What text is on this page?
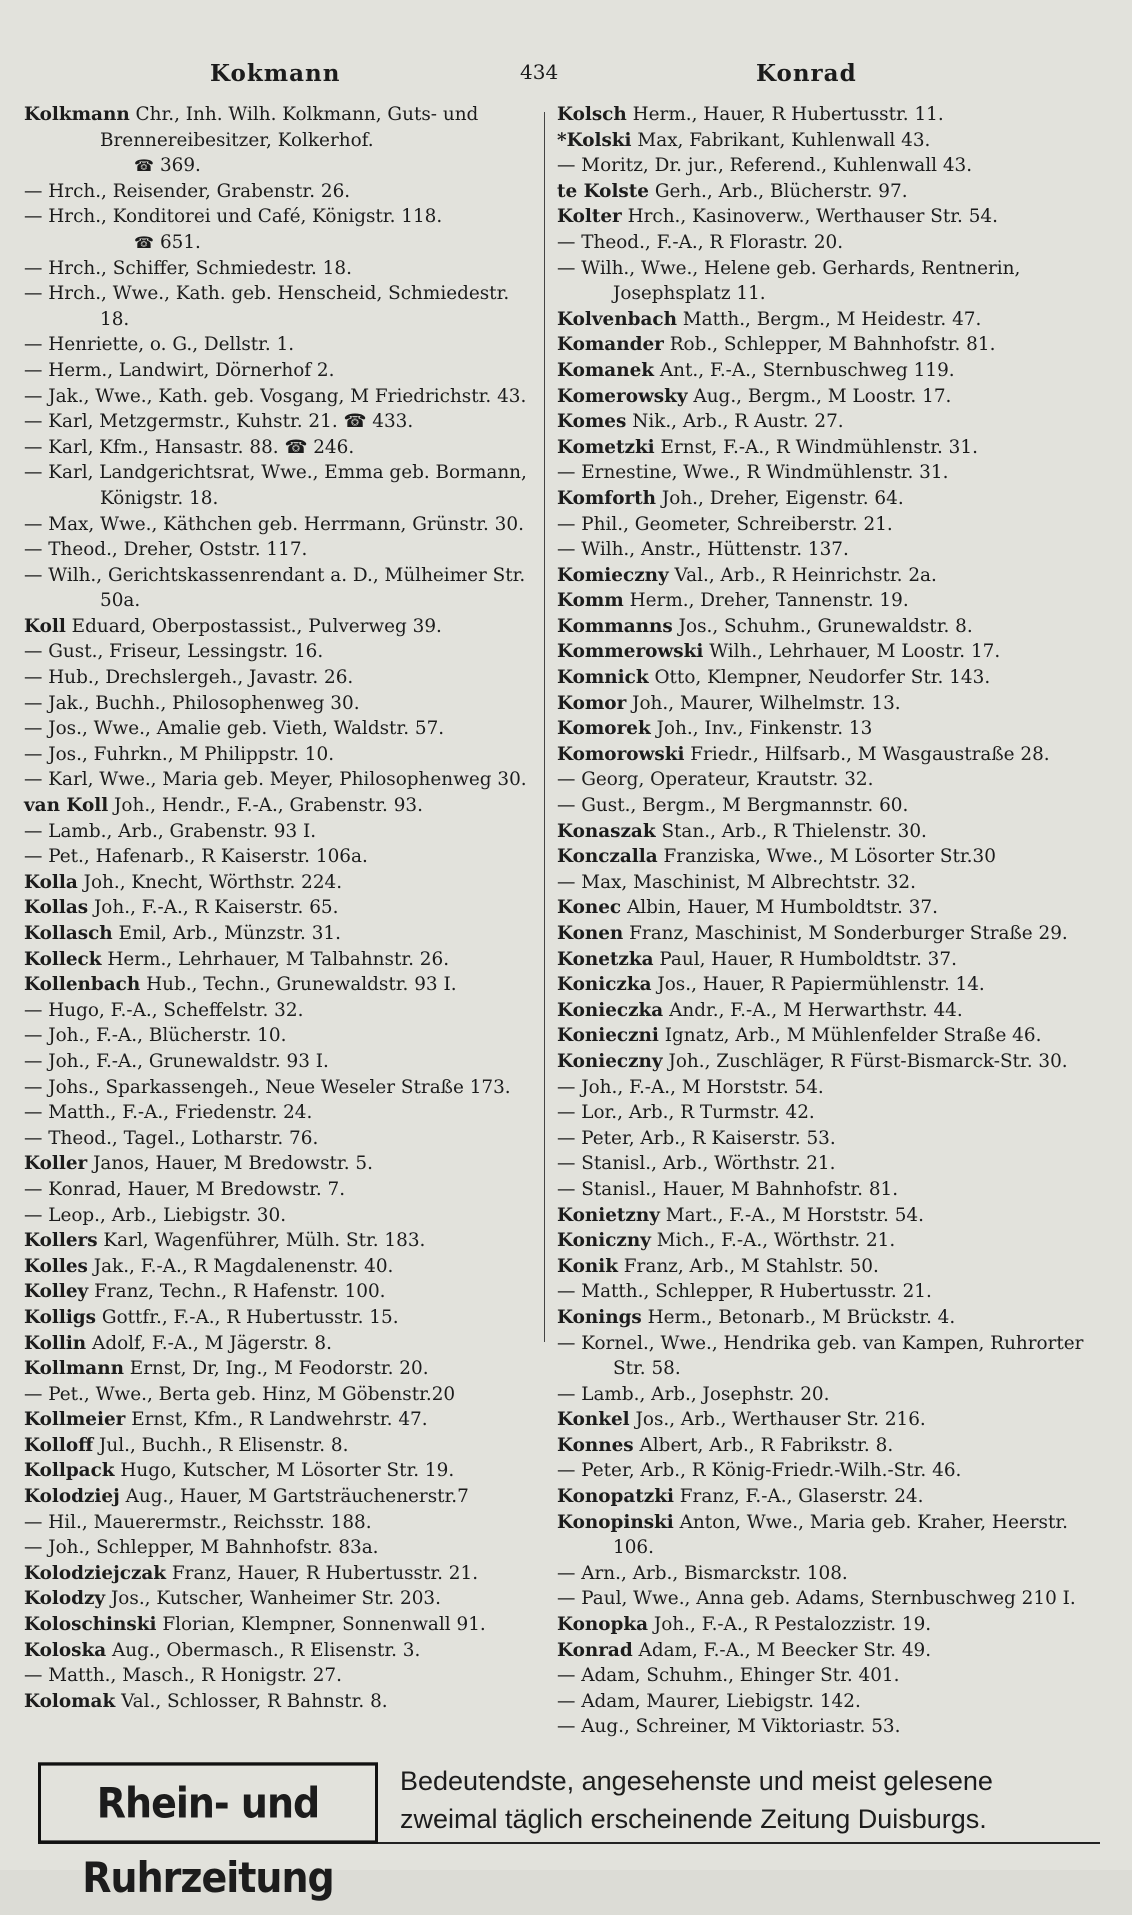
Kokmann	434	Konrad
Kolkmann Chr., Inh. Wilh. Kolkmann, Guts- und Brennereibesitzer, Kolkerhof.
☎ 369.
— Hrch., Reisender, Grabenstr. 26.
— Hrch., Konditorei und Café, Königstr. 118.
☎ 651.
— Hrch., Schiffer, Schmiedestr. 18.
— Hrch., Wwe., Kath. geb. Henscheid, Schmiedestr. 18.
— Henriette, o. G., Dellstr. 1.
— Herm., Landwirt, Dörnerhof 2.
— Jak., Wwe., Kath. geb. Vosgang, M Friedrichstr. 43.
— Karl, Metzgermstr., Kuhstr. 21. ☎ 433.
— Karl, Kfm., Hansastr. 88. ☎ 246.
— Karl, Landgerichtsrat, Wwe., Emma geb. Bormann, Königstr. 18.
— Max, Wwe., Käthchen geb. Herrmann, Grünstr. 30.
— Theod., Dreher, Oststr. 117.
— Wilh., Gerichtskassenrendant a. D., Mülheimer Str. 50a.
Koll Eduard, Oberpostassist., Pulverweg 39.
— Gust., Friseur, Lessingstr. 16.
— Hub., Drechslergeh., Javastr. 26.
— Jak., Buchh., Philosophenweg 30.
— Jos., Wwe., Amalie geb. Vieth, Waldstr. 57.
— Jos., Fuhrkn., M Philippstr. 10.
— Karl, Wwe., Maria geb. Meyer, Philosophenweg 30.
van Koll Joh., Hendr., F.-A., Grabenstr. 93.
— Lamb., Arb., Grabenstr. 93 I.
— Pet., Hafenarb., R Kaiserstr. 106a.
Kolla Joh., Knecht, Wörthstr. 224.
Kollas Joh., F.-A., R Kaiserstr. 65.
Kollasch Emil, Arb., Münzstr. 31.
Kolleck Herm., Lehrhauer, M Talbahnstr. 26.
Kollenbach Hub., Techn., Grunewaldstr. 93 I.
— Hugo, F.-A., Scheffelstr. 32.
— Joh., F.-A., Blücherstr. 10.
— Joh., F.-A., Grunewaldstr. 93 I.
— Johs., Sparkassengeh., Neue Weseler Straße 173.
— Matth., F.-A., Friedenstr. 24.
— Theod., Tagel., Lotharstr. 76.
Koller Janos, Hauer, M Bredowstr. 5.
— Konrad, Hauer, M Bredowstr. 7.
— Leop., Arb., Liebigstr. 30.
Kollers Karl, Wagenführer, Mülh. Str. 183.
Kolles Jak., F.-A., R Magdalenenstr. 40.
Kolley Franz, Techn., R Hafenstr. 100.
Kolligs Gottfr., F.-A., R Hubertusstr. 15.
Kollin Adolf, F.-A., M Jägerstr. 8.
Kollmann Ernst, Dr, Ing., M Feodorstr. 20.
— Pet., Wwe., Berta geb. Hinz, M Göbenstr.20
Kollmeier Ernst, Kfm., R Landwehrstr. 47.
Kolloff Jul., Buchh., R Elisenstr. 8.
Kollpack Hugo, Kutscher, M Lösorter Str. 19.
Kolodziej Aug., Hauer, M Gartsträuchenerstr.7
— Hil., Mauerermstr., Reichsstr. 188.
— Joh., Schlepper, M Bahnhofstr. 83a.
Kolodziejczak Franz, Hauer, R Hubertusstr. 21.
Kolodzy Jos., Kutscher, Wanheimer Str. 203.
Koloschinski Florian, Klempner, Sonnenwall 91.
Koloska Aug., Obermasch., R Elisenstr. 3.
— Matth., Masch., R Honigstr. 27.
Kolomak Val., Schlosser, R Bahnstr. 8.
Kolsch Herm., Hauer, R Hubertusstr. 11.
*Kolski Max, Fabrikant, Kuhlenwall 43.
— Moritz, Dr. jur., Referend., Kuhlenwall 43.
te Kolste Gerh., Arb., Blücherstr. 97.
Kolter Hrch., Kasinoverw., Werthauser Str. 54.
— Theod., F.-A., R Florastr. 20.
— Wilh., Wwe., Helene geb. Gerhards, Rentnerin, Josephsplatz 11.
Kolvenbach Matth., Bergm., M Heidestr. 47.
Komander Rob., Schlepper, M Bahnhofstr. 81.
Komanek Ant., F.-A., Sternbuschweg 119.
Komerowsky Aug., Bergm., M Loostr. 17.
Komes Nik., Arb., R Austr. 27.
Kometzki Ernst, F.-A., R Windmühlenstr. 31.
— Ernestine, Wwe., R Windmühlenstr. 31.
Komforth Joh., Dreher, Eigenstr. 64.
— Phil., Geometer, Schreiberstr. 21.
— Wilh., Anstr., Hüttenstr. 137.
Komieczny Val., Arb., R Heinrichstr. 2a.
Komm Herm., Dreher, Tannenstr. 19.
Kommanns Jos., Schuhm., Grunewaldstr. 8.
Kommerowski Wilh., Lehrhauer, M Loostr. 17.
Komnick Otto, Klempner, Neudorfer Str. 143.
Komor Joh., Maurer, Wilhelmstr. 13.
Komorek Joh., Inv., Finkenstr. 13
Komorowski Friedr., Hilfsarb., M Wasgaustraße 28.
— Georg, Operateur, Krautstr. 32.
— Gust., Bergm., M Bergmannstr. 60.
Konaszak Stan., Arb., R Thielenstr. 30.
Konczalla Franziska, Wwe., M Lösorter Str.30
— Max, Maschinist, M Albrechtstr. 32.
Konec Albin, Hauer, M Humboldtstr. 37.
Konen Franz, Maschinist, M Sonderburger Straße 29.
Konetzka Paul, Hauer, R Humboldtstr. 37.
Koniczka Jos., Hauer, R Papiermühlenstr. 14.
Konieczka Andr., F.-A., M Herwarthstr. 44.
Konieczni Ignatz, Arb., M Mühlenfelder Straße 46.
Konieczny Joh., Zuschläger, R Fürst-Bismarck-Str. 30.
— Joh., F.-A., M Horststr. 54.
— Lor., Arb., R Turmstr. 42.
— Peter, Arb., R Kaiserstr. 53.
— Stanisl., Arb., Wörthstr. 21.
— Stanisl., Hauer, M Bahnhofstr. 81.
Konietzny Mart., F.-A., M Horststr. 54.
Koniczny Mich., F.-A., Wörthstr. 21.
Konik Franz, Arb., M Stahlstr. 50.
— Matth., Schlepper, R Hubertusstr. 21.
Konings Herm., Betonarb., M Brückstr. 4.
— Kornel., Wwe., Hendrika geb. van Kampen, Ruhrorter Str. 58.
— Lamb., Arb., Josephstr. 20.
Konkel Jos., Arb., Werthauser Str. 216.
Konnes Albert, Arb., R Fabrikstr. 8.
— Peter, Arb., R König-Friedr.-Wilh.-Str. 46.
Konopatzki Franz, F.-A., Glaserstr. 24.
Konopinski Anton, Wwe., Maria geb. Kraher, Heerstr. 106.
— Arn., Arb., Bismarckstr. 108.
— Paul, Wwe., Anna geb. Adams, Sternbuschweg 210 I.
Konopka Joh., F.-A., R Pestalozzistr. 19.
Konrad Adam, F.-A., M Beecker Str. 49.
— Adam, Schuhm., Ehinger Str. 401.
— Adam, Maurer, Liebigstr. 142.
— Aug., Schreiner, M Viktoriastr. 53.
Rhein- und Ruhrzeitung
Bedeutendste, angesehenste und meist gelesene
zweimal täglich erscheinende Zeitung Duisburgs.
